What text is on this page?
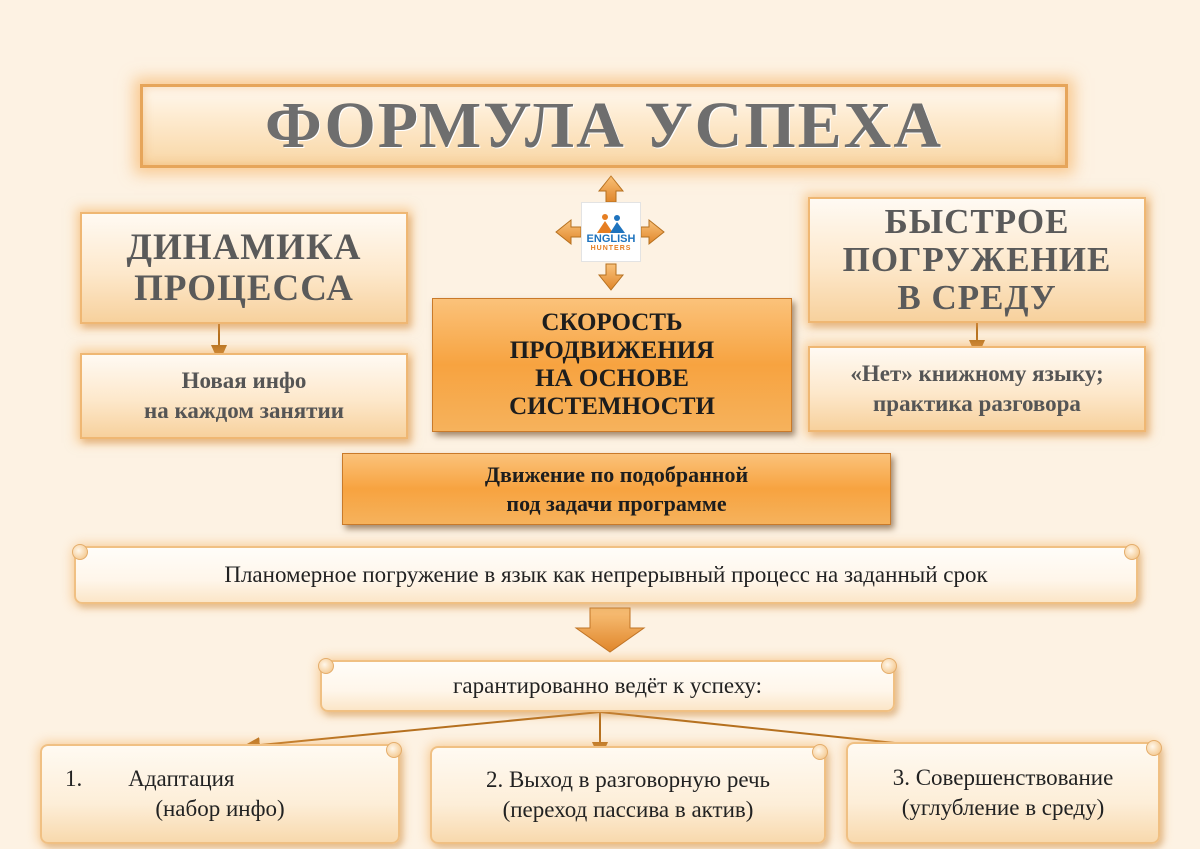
ФОРМУЛА УСПЕХА
ENGLISH
HUNTERS
ДИНАМИКА ПРОЦЕССА
Новая инфо
на каждом занятии
БЫСТРОЕ ПОГРУЖЕНИЕ В СРЕДУ
«Нет» книжному языку;
практика разговора
СКОРОСТЬ
ПРОДВИЖЕНИЯ
НА ОСНОВЕ
СИСТЕМНОСТИ
Движение по подобранной
под задачи программе
Планомерное погружение в язык как непрерывный процесс на заданный срок
гарантированно ведёт к успеху:
1.        Адаптация
(набор инфо)
2. Выход в разговорную речь
(переход пассива в актив)
3. Совершенствование
(углубление в среду)
